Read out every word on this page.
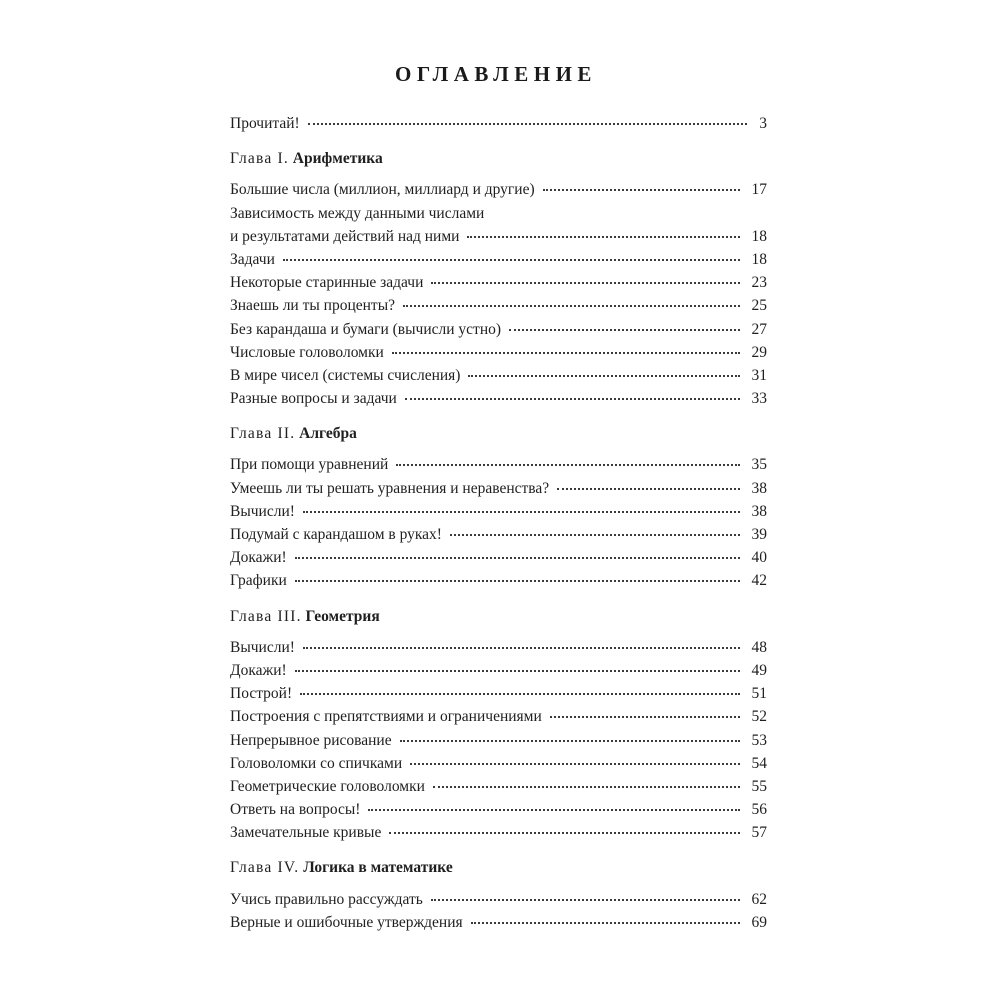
ОГЛАВЛЕНИЕ
Прочитай!	3
Глава I. Арифметика
Большие числа (миллион, миллиард и другие)	17
Зависимость между данными числами
и результатами действий над ними	18
Задачи	18
Некоторые старинные задачи	23
Знаешь ли ты проценты?	25
Без карандаша и бумаги (вычисли устно)	27
Числовые головоломки	29
В мире чисел (системы счисления)	31
Разные вопросы и задачи	33
Глава II. Алгебра
При помощи уравнений	35
Умеешь ли ты решать уравнения и неравенства?	38
Вычисли!	38
Подумай с карандашом в руках!	39
Докажи!	40
Графики	42
Глава III. Геометрия
Вычисли!	48
Докажи!	49
Построй!	51
Построения с препятствиями и ограничениями	52
Непрерывное рисование	53
Головоломки со спичками	54
Геометрические головоломки	55
Ответь на вопросы!	56
Замечательные кривые	57
Глава IV. Логика в математике
Учись правильно рассуждать	62
Верные и ошибочные утверждения	69
